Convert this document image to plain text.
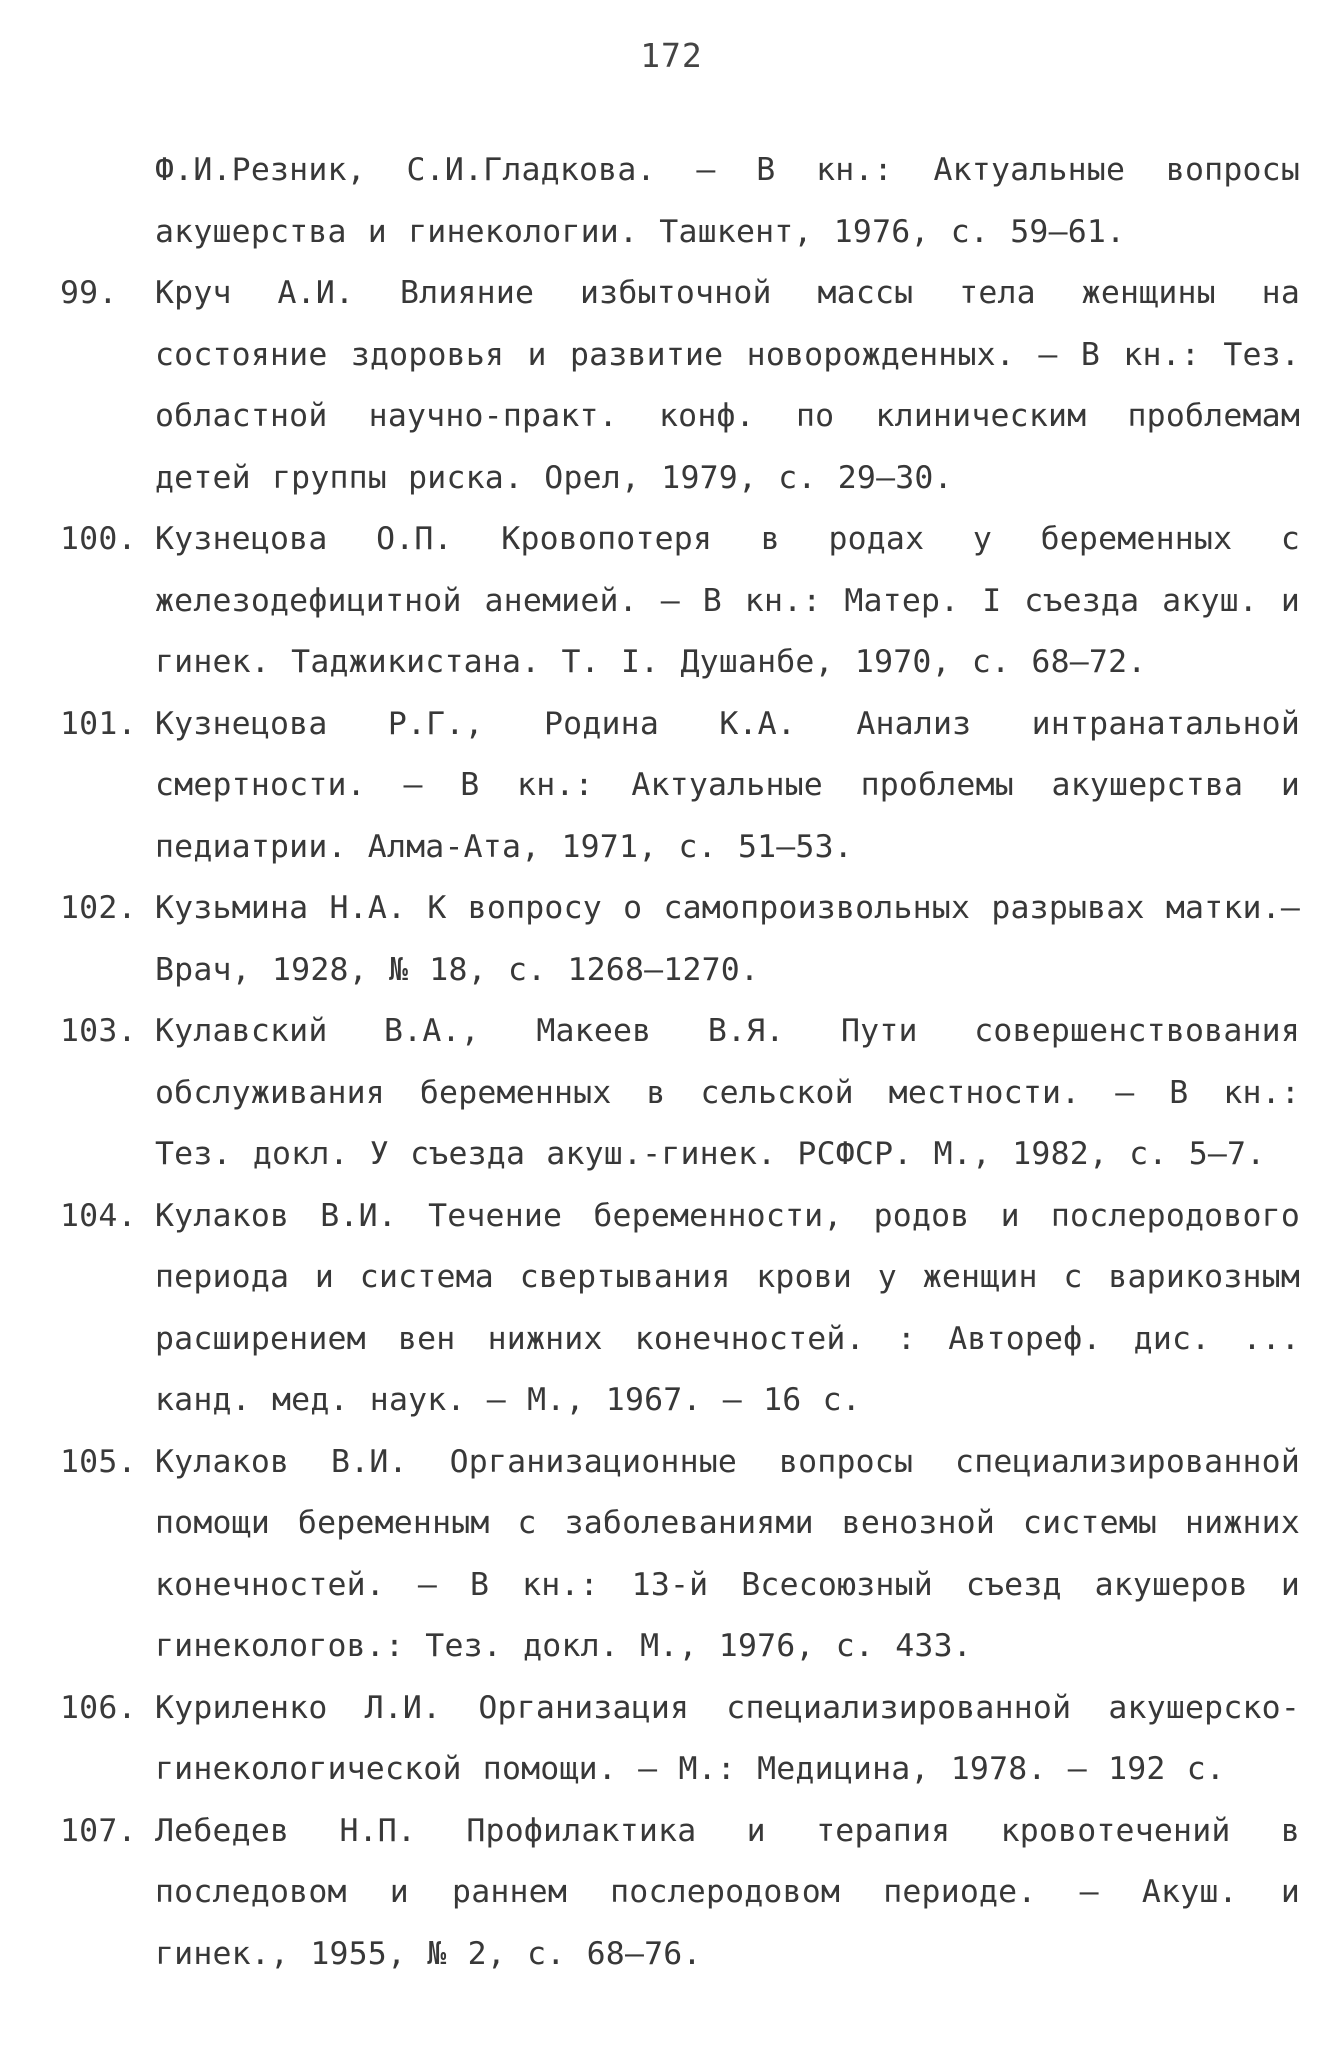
172
Ф.И.Резник, С.И.Гладкова. – В кн.: Актуальные вопросы акушерства и гинекологии. Ташкент, 1976, с. 59–61.
99.	Круч А.И. Влияние избыточной массы тела женщины на состояние здоровья и развитие новорожденных. – В кн.: Тез. областной научно-практ. конф. по клиническим проблемам детей группы риска. Орел, 1979, с. 29–30.
100. Кузнецова О.П. Кровопотеря в родах у беременных с железодефицитной анемией. – В кн.: Матер. I съезда акуш. и гинек. Таджикистана. Т. I. Душанбе, 1970, с. 68–72.
101. Кузнецова Р.Г., Родина К.А. Анализ интранатальной смертности. – В кн.: Актуальные проблемы акушерства и педиатрии. Алма-Ата, 1971, с. 51–53.
102. Кузьмина Н.А. К вопросу о самопроизвольных разрывах матки.– Врач, 1928, № 18, с. 1268–1270.
103. Кулавский В.А., Макеев В.Я. Пути совершенствования обслуживания беременных в сельской местности. – В кн.: Тез. докл. У съезда акуш.-гинек. РСФСР. М., 1982, с. 5–7.
104. Кулаков В.И. Течение беременности, родов и послеродового периода и система свертывания крови у женщин с варикозным расширением вен нижних конечностей. : Автореф. дис. ... канд. мед. наук. – М., 1967. – 16 с.
105. Кулаков В.И. Организационные вопросы специализированной помощи беременным с заболеваниями венозной системы нижних конечностей. – В кн.: 13-й Всесоюзный съезд акушеров и гинекологов.: Тез. докл. М., 1976, с. 433.
106. Куриленко Л.И. Организация специализированной акушерско-гинекологической помощи. – М.: Медицина, 1978. – 192 с.
107. Лебедев Н.П. Профилактика и терапия кровотечений в последовом и раннем послеродовом периоде. – Акуш. и гинек., 1955, № 2, с. 68–76.
